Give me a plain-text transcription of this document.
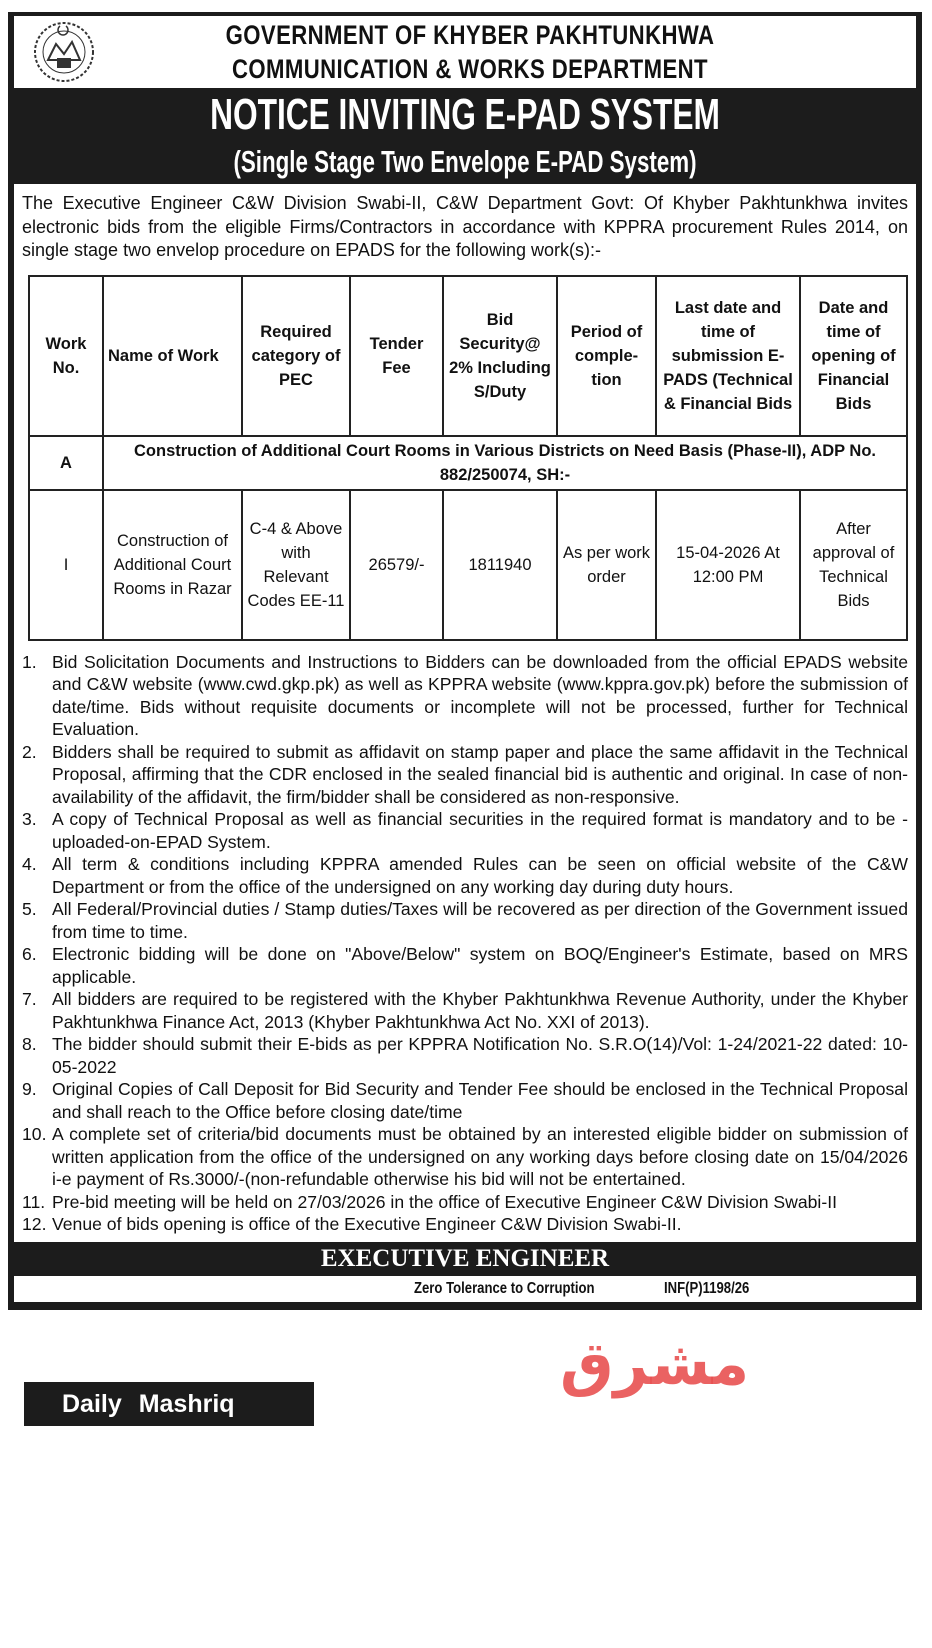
GOVERNMENT OF KHYBER PAKHTUNKHWA
COMMUNICATION & WORKS DEPARTMENT
NOTICE INVITING E-PAD SYSTEM
(Single Stage Two Envelope E-PAD System)

The Executive Engineer C&W Division Swabi-II, C&W Department Govt: Of Khyber Pakhtunkhwa invites electronic bids from the eligible Firms/Contractors in accordance with KPPRA procurement Rules 2014, on single stage two envelop procedure on EPADS for the following work(s):-

Work No.	Name of Work	Required category of PEC	Tender Fee	Bid Security@ 2% Including S/Duty	Period of comple-tion	Last date and time of submission E-PADS (Technical & Financial Bids	Date and time of opening of Financial Bids
A	Construction of Additional Court Rooms in Various Districts on Need Basis (Phase-II), ADP No. 882/250074, SH:-						
I	Construction of Additional Court Rooms in Razar	C-4 & Above with Relevant Codes EE-11	26579/-	1811940	As per work order	15-04-2026 At 12:00 PM	After approval of Technical Bids
1. Bid Solicitation Documents and Instructions to Bidders can be downloaded from the official EPADS website and C&W website (www.cwd.gkp.pk) as well as KPPRA website (www.kppra.gov.pk) before the submission of date/time. Bids without requisite documents or incomplete will not be processed, further for Technical Evaluation.
2. Bidders shall be required to submit as affidavit on stamp paper and place the same affidavit in the Technical Proposal, affirming that the CDR enclosed in the sealed financial bid is authentic and original. In case of non-availability of the affidavit, the firm/bidder shall be considered as non-responsive.
3. A copy of Technical Proposal as well as financial securities in the required format is mandatory and to be -uploaded-on-EPAD System.
4. All term & conditions including KPPRA amended Rules can be seen on official website of the C&W Department or from the office of the undersigned on any working day during duty hours.
5. All Federal/Provincial duties / Stamp duties/Taxes will be recovered as per direction of the Government issued from time to time.
6. Electronic bidding will be done on "Above/Below" system on BOQ/Engineer's Estimate, based on MRS applicable.
7. All bidders are required to be registered with the Khyber Pakhtunkhwa Revenue Authority, under the Khyber Pakhtunkhwa Finance Act, 2013 (Khyber Pakhtunkhwa Act No. XXI of 2013).
8. The bidder should submit their E-bids as per KPPRA Notification No. S.R.O(14)/Vol: 1-24/2021-22 dated: 10-05-2022
9. Original Copies of Call Deposit for Bid Security and Tender Fee should be enclosed in the Technical Proposal and shall reach to the Office before closing date/time
10. A complete set of criteria/bid documents must be obtained by an interested eligible bidder on submission of written application from the office of the undersigned on any working days before closing date on 15/04/2026 i-e payment of Rs.3000/-(non-refundable otherwise his bid will not be entertained.
11. Pre-bid meeting will be held on 27/03/2026 in the office of Executive Engineer C&W Division Swabi-II
12. Venue of bids opening is office of the Executive Engineer C&W Division Swabi-II.
EXECUTIVE ENGINEER
Zero Tolerance to Corruption	INF(P)1198/26
Daily Mashriq
مشرق
